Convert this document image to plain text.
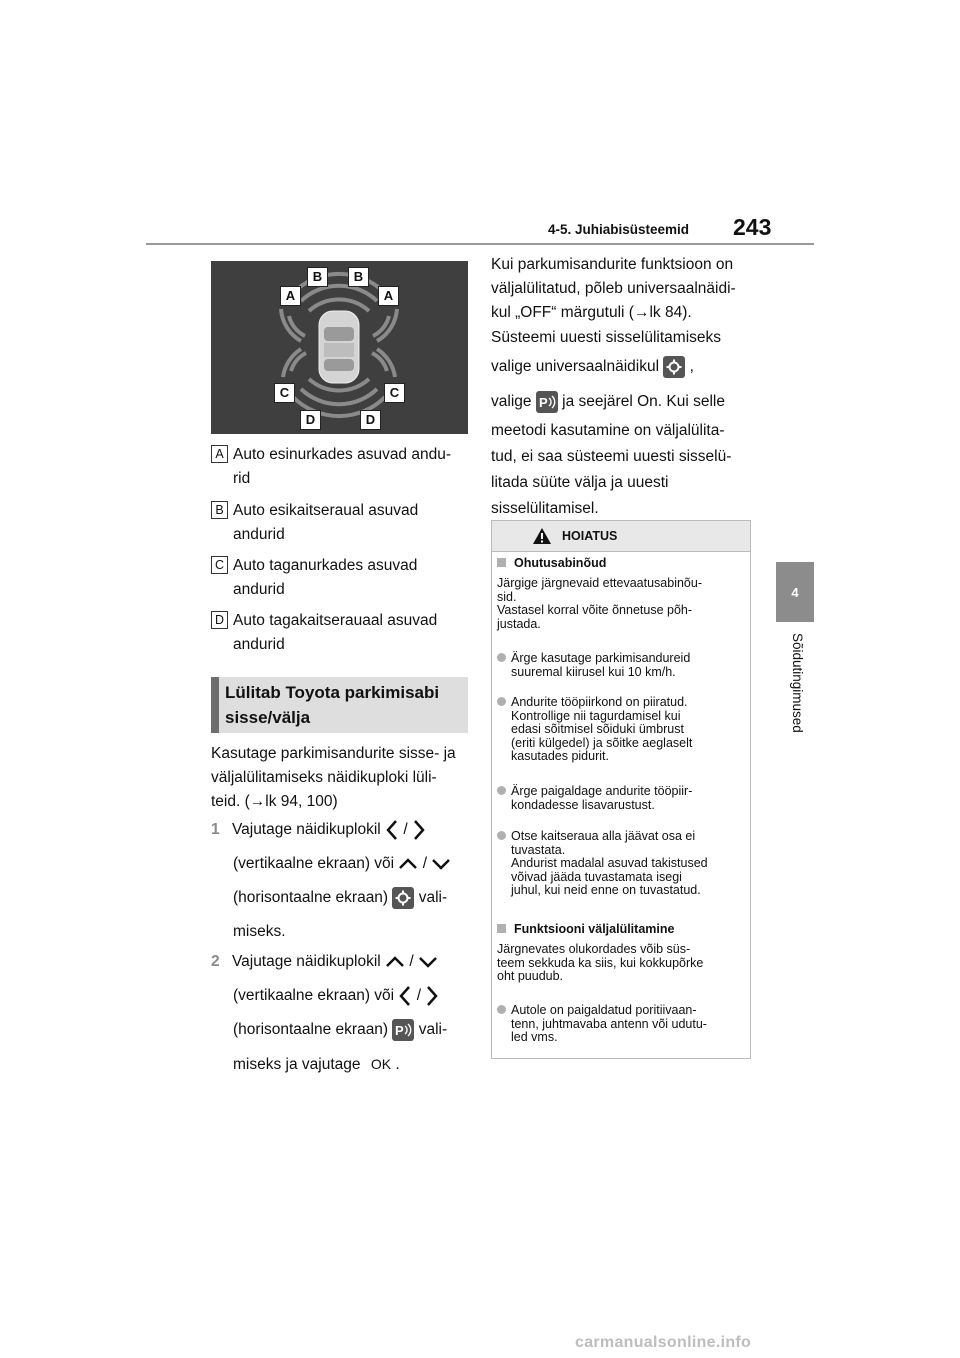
4-5. Juhiabisüsteemid 243
4
Sõidutingimused
B	B
A	A
C	C
D	D
A Auto esinurkades asuvad andu-
rid
B Auto esikaitseraual asuvad
andurid
C Auto taganurkades asuvad
andurid
D Auto tagakaitserauaal asuvad
andurid
Lülitab Toyota parkimisabi
sisse/välja
Kasutage parkimisandurite sisse- ja
väljalülitamiseks näidikuploki lüli-
teid. (→lk 94, 100)
1 Vajutage näidikuplokil /
(vertikaalne ekraan) või /
(horisontaalne ekraan) vali-
miseks.
2 Vajutage näidikuplokil /
(vertikaalne ekraan) või /
(horisontaalne ekraan) P vali-
miseks ja vajutage OK .
Kui parkumisandurite funktsioon on
väljalülitatud, põleb universaalnäidi-
kul „OFF“ märgutuli (→lk 84).
Süsteemi uuesti sisselülitamiseks
valige universaalnäidikul ,
valige P ja seejärel On. Kui selle
meetodi kasutamine on väljalülita-
tud, ei saa süsteemi uuesti sisselü-
litada süüte välja ja uuesti
sisselülitamisel.
HOIATUS
Ohutusabinõud
Järgige järgnevaid ettevaatusabinõu-
sid.
Vastasel korral võite õnnetuse põh-
justada.
Ärge kasutage parkimisandureid
suuremal kiirusel kui 10 km/h.
Andurite tööpiirkond on piiratud.
Kontrollige nii tagurdamisel kui
edasi sõitmisel sõiduki ümbrust
(eriti külgedel) ja sõitke aeglaselt
kasutades pidurit.
Ärge paigaldage andurite tööpiir-
kondadesse lisavarustust.
Otse kaitseraua alla jäävat osa ei
tuvastata.
Andurist madalal asuvad takistused
võivad jääda tuvastamata isegi
juhul, kui neid enne on tuvastatud.
Funktsiooni väljalülitamine
Järgnevates olukordades võib süs-
teem sekkuda ka siis, kui kokkupõrke
oht puudub.
Autole on paigaldatud poritiivaan-
tenn, juhtmavaba antenn või udutu-
led vms.
carmanualsonline.info
